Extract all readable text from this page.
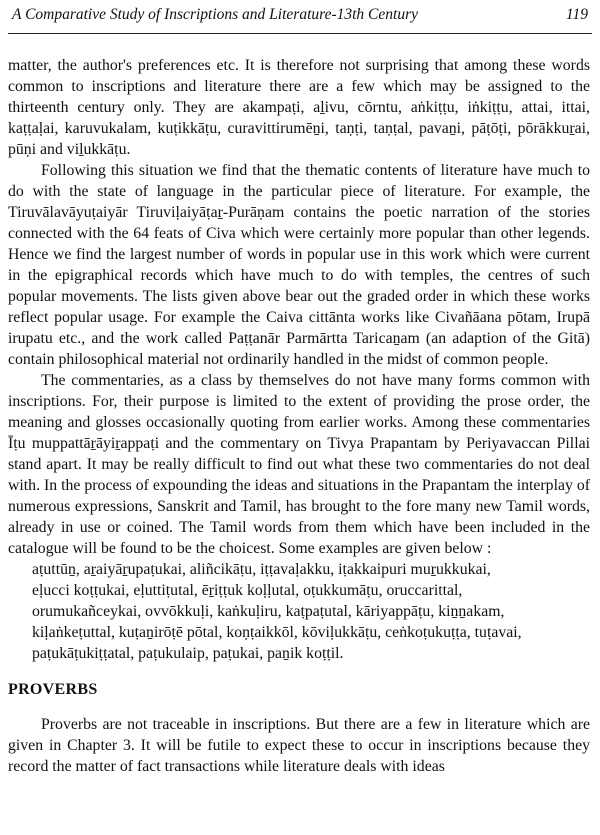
A Comparative Study of Inscriptions and Literature-13th Century	119

matter, the author's preferences etc. It is therefore not surprising that among these words common to inscriptions and literature there are a few which may be assigned to the thirteenth century only. They are akampaṭi, aḻivu, cōrntu, aṅkiṭṭu, iṅkiṭṭu, attai, ittai, kaṭṭaḷai, karuvukalam, kuṭikkāṭu, curavittirumēṉi, taṇṭi, taṇṭal, pavaṉi, pāṭōṭi, pōrākkuṟai, pūṇi and viḻukkāṭu.

Following this situation we find that the thematic contents of literature have much to do with the state of language in the particular piece of literature. For example, the Tiruvālavāyuṭaiyār Tiruviḷaiyāṭaṟ-Purāṇam contains the poetic narration of the stories connected with the 64 feats of Civa which were certainly more popular than other legends. Hence we find the largest number of words in popular use in this work which were current in the epigraphical records which have much to do with temples, the centres of such popular movements. The lists given above bear out the graded order in which these works reflect popular usage. For example the Caiva cittānta works like Civañāana pōtam, Irupā irupatu etc., and the work called Paṭṭanār Parmārtta Taricaṉam (an adaption of the Gitā) contain philosophical material not ordinarily handled in the midst of common people.

The commentaries, as a class by themselves do not have many forms common with inscriptions. For, their purpose is limited to the extent of providing the prose order, the meaning and glosses occasionally quoting from earlier works. Among these commentaries Īṭu muppattāṟāyiṟappaṭi and the commentary on Tivya Prapantam by Periyavaccan Pillai stand apart. It may be really difficult to find out what these two commentaries do not deal with. In the process of expounding the ideas and situations in the Prapantam the interplay of numerous expressions, Sanskrit and Tamil, has brought to the fore many new Tamil words, already in use or coined. The Tamil words from them which have been included in the catalogue will be found to be the choicest. Some examples are given below :

aṭuttūṉ, aṟaiyāṟupaṭukai, aliñcikāṭu, iṭṭavaḷakku, iṭakkaipuri muṟukkukai,

eḷucci koṭṭukai, eḷuttiṭutal, ēṟiṭṭuk koḷḷutal, oṭukkumāṭu, oruccarittal,

orumukañceykai, ovvōkkuḷi, kaṅkuḷiru, kaṭpaṭutal, kāriyappāṭu, kiṉṉakam,

kiḷaṅkeṭuttal, kuṭaṉirōṭē pōtal, koṇṭaikkōl, kōviḷukkāṭu, ceṅkoṭukuṭṭa, tuṭavai,

paṭukāṭukiṭṭatal, paṭukulaip, paṭukai, paṉik koṭṭil.

PROVERBS

Proverbs are not traceable in inscriptions. But there are a few in literature which are given in Chapter 3. It will be futile to expect these to occur in inscriptions because they record the matter of fact transactions while literature deals with ideas
